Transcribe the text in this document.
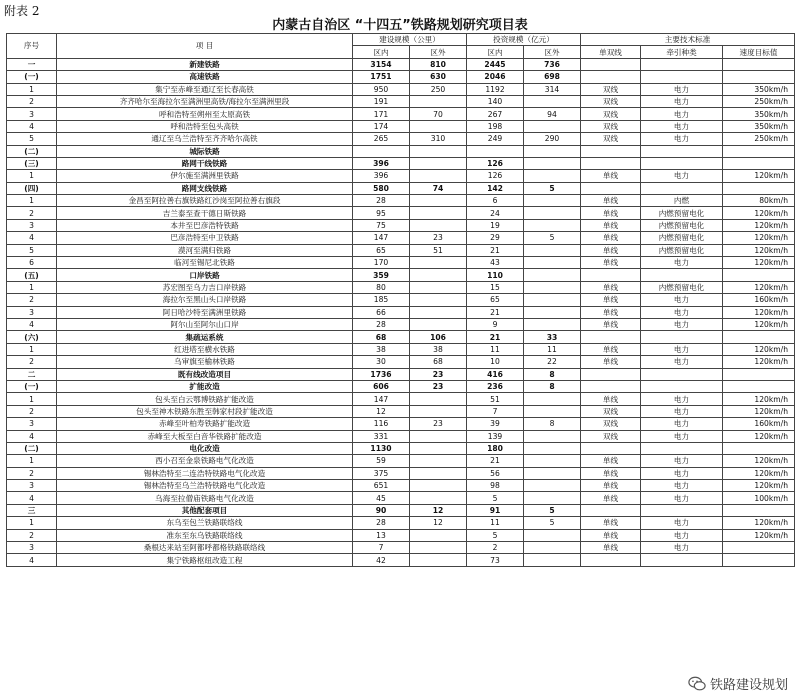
附表 2
内蒙古自治区 “十四五”铁路规划研究项目表
序号	项 目	建设规模（公里）		投资规模（亿元）		主要技术标准		
		区内	区外	区内	区外	单双线	牵引种类	速度目标值
一	新建铁路	3154	810	2445	736			
(一)	高速铁路	1751	630	2046	698			
1	集宁至赤峰至通辽至长春高铁	950	250	1192	314	双线	电力	350km/h
2	齐齐哈尔至海拉尔至满洲里高铁/海拉尔至满洲里段	191		140		双线	电力	250km/h
3	呼和浩特至朔州至太原高铁	171	70	267	94	双线	电力	350km/h
4	呼和浩特至包头高铁	174		198		双线	电力	350km/h
5	通辽至乌兰浩特至齐齐哈尔高铁	265	310	249	290	双线	电力	250km/h
(二)	城际铁路							
(三)	路网干线铁路	396		126				
1	伊尔施至满洲里铁路	396		126		单线	电力	120km/h
(四)	路网支线铁路	580	74	142	5			
1	金昌至阿拉善右旗铁路红沙岗至阿拉善右旗段	28		6		单线	内燃	80km/h
2	吉兰泰至查干德日斯铁路	95		24		单线	内燃预留电化	120km/h
3	本井至巴彦浩特铁路	75		19		单线	内燃预留电化	120km/h
4	巴彦浩特至中卫铁路	147	23	29	5	单线	内燃预留电化	120km/h
5	漠河至满归铁路	65	51	21		单线	内燃预留电化	120km/h
6	临河至锡尼北铁路	170		43		单线	电力	120km/h
(五)	口岸铁路	359		110				
1	苏宏图至乌力吉口岸铁路	80		15		单线	内燃预留电化	120km/h
2	海拉尔至黑山头口岸铁路	185		65		单线	电力	160km/h
3	阿日哈沙特至满洲里铁路	66		21		单线	电力	120km/h
4	阿尔山至阿尔山口岸	28		9		单线	电力	120km/h
(六)	集疏运系统	68	106	21	33			
1	红进塔至横水铁路	38	38	11	11	单线	电力	120km/h
2	乌审旗至榆林铁路	30	68	10	22	单线	电力	120km/h
二	既有线改造项目	1736	23	416	8			
(一)	扩能改造	606	23	236	8			
1	包头至白云鄂博铁路扩能改造	147		51		单线	电力	120km/h
2	包头至神木铁路东胜至韩家村段扩能改造	12		7		双线	电力	120km/h
3	赤峰至叶柏寿铁路扩能改造	116	23	39	8	双线	电力	160km/h
4	赤峰至大板至白音华铁路扩能改造	331		139		双线	电力	120km/h
(二)	电化改造	1130		180				
1	西小召至金泉铁路电气化改造	59		21		单线	电力	120km/h
2	锡林浩特至二连浩特铁路电气化改造	375		56		单线	电力	120km/h
3	锡林浩特至乌兰浩特铁路电气化改造	651		98		单线	电力	120km/h
4	乌海至拉僧庙铁路电气化改造	45		5		单线	电力	100km/h
三	其他配套项目	90	12	91	5			
1	东乌至包兰铁路联络线	28	12	11	5	单线	电力	120km/h
2	准东至东乌铁路联络线	13		5		单线	电力	120km/h
3	桑根达来站至阿都呼都格铁路联络线	7		2		单线	电力	
4	集宁铁路枢纽改造工程	42		73				
铁路建设规划
